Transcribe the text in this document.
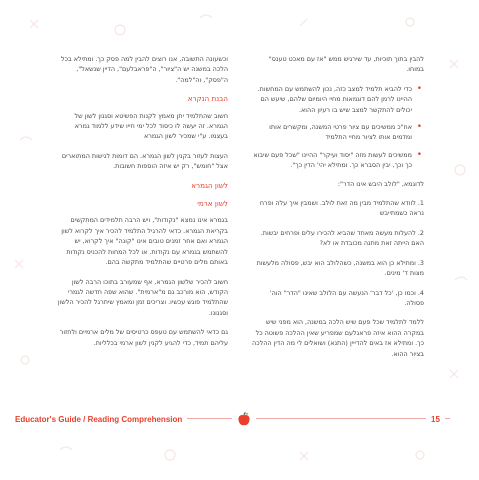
להבין בתוך תוכיות, עד שירגיש ממש "אז עם מאכט טענס" במוחו.

• כדי להביא תלמיד למצב כזה, נכון להשתמש עם המחשות. ההיינו לרמן להם דוגמאות מחיי היומיום שלהם, שיעש הם יכולים להתקשר למצב שיש בו רעיון ההוא.
• אח"כ ממשיכים עם ציור פרטי המשנה, ומקשרים אותו ומדמים אותו לציור מחיי התלמיד
• ממשיכים לעשות מזה "יסוד ועיקר" ההיינו "שכל פעם שיבוא כך וכך, יבין הסברא כך. ומתילא יהי' הדין כך".

לדוגמא, "לולב היבש אינו הדר":

1. לוודא שהתלמיד מבין מה זאת לולב. ושמבין איך עלה ופרח נראה כשמתייבש

2. להעלות מעשה מאחד שהביא להכירו עלים ופרחים יבשות. האם הייתה זאת מתנה מכובדת או לא?

3. ומתילא כן הוא במשנה, כשהלולב הוא יבש, פסולה מלעשות מצות ד' מינים.

4. וכמו כן, 'כל דבר' הנעשה עם הלולב שאינו "הדר" הוה' פסולה.

ללמד לתלמיד שכל פעם שיש הלכה במשנה, הוא מפני שיש במקרה ההוא איזה פראגלעם שמפריע שאין ההלכה פשוטה כל כך. ומתילא אז באים להדייין (התנא) ושואלים לי מה הדין ההלכה בציור ההוא.

וכשעונה התשובה, אנו רוצים להבין למה פסק כך. ומתילא בכל הלכה במשנה יש ה"ציור", ה"פראבלעם", הדיין שנשאל", ה"פסק", וה"למה".

הבנת הנקרא

חשוב שהתלמיד יתן מאמץ לקנות הפשיטא וסגנון לשון של הגמרא. זה יעשה לו כיסוד לכל ימי חייו שידע ללמוד גמרא בעצמו. ע"י שמכיר לשון הגמרא

העצות לעזור בקנין לשון הגמרא. הם דומות לגישות המתוארים אצל "חומש", רק יש איזה הוספות חשובות.

לשון הגמרא
לשון ארמי

בגמרא אינו נמצא "נקודות", ויש הרבה תלמידים המתקשים בקריאת הגמרא. כדאי להרגיל התלמיד להכיר איך לקרוא לשון הגמרא ואם אחר זמנים טובים אינו "קונה" איך לקרוא, יש להשתמש בגמרא עם נקודות. או לכל המחות להכניס נקודות באותם מלים פרטיים שהתלמיד מתקשה בהם.

חשוב להכיר שלשון הגמרא, אף שמעורב בתוכו הרבה לשון הקודש, הוא מורכב גם מ"ארמית". שהוא שפה חדשה לגמרי שהתלמיד פוגש עכשיו. וצריכים זמן ומאמץ שיתרגל להכיר הלשון וסגנונו.

גם כדאי להשתמש עם טעפס כרטיסים של מלים ארמיים ולחזור עליהם תמיד, כדי להגיע לקנין לשון ארמי בכלליות.

Educator's Guide / Reading Comprehension	15
